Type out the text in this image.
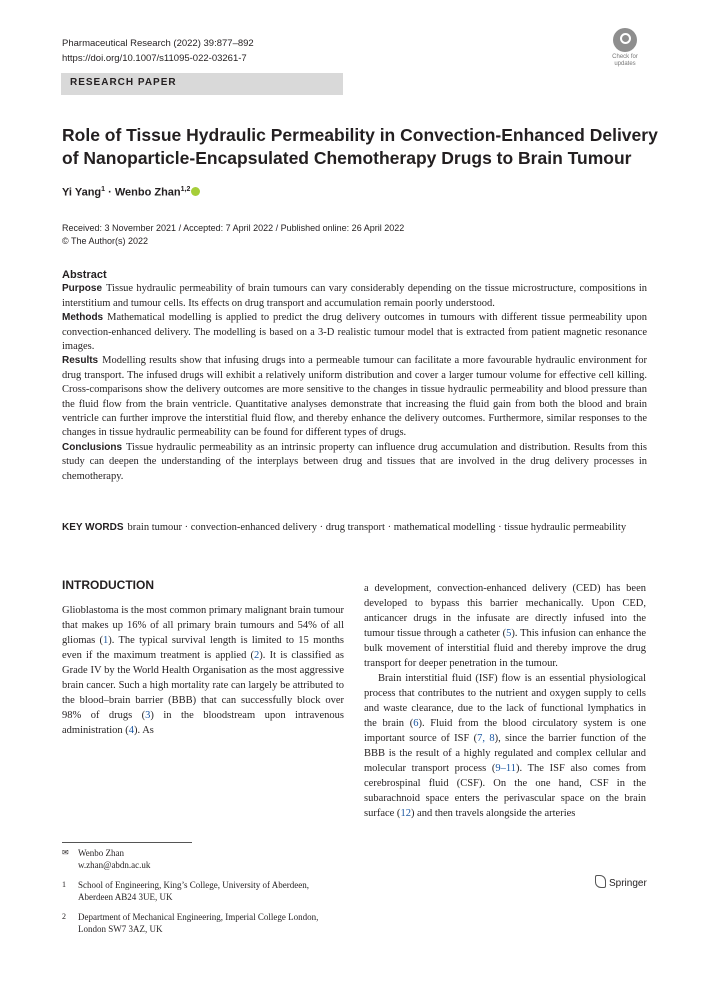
Pharmaceutical Research (2022) 39:877–892
https://doi.org/10.1007/s11095-022-03261-7	Check for updates
RESEARCH PAPER
Role of Tissue Hydraulic Permeability in Convection-Enhanced Delivery of Nanoparticle-Encapsulated Chemotherapy Drugs to Brain Tumour
Yi Yang$^1$ · Wenbo Zhan$^{1,2}$
Received: 3 November 2021 / Accepted: 7 April 2022 / Published online: 26 April 2022
© The Author(s) 2022
Abstract

Purpose Tissue hydraulic permeability of brain tumours can vary considerably depending on the tissue microstructure, compositions in interstitium and tumour cells. Its effects on drug transport and accumulation remain poorly understood.

Methods Mathematical modelling is applied to predict the drug delivery outcomes in tumours with different tissue permeability upon convection-enhanced delivery. The modelling is based on a 3-D realistic tumour model that is extracted from patient magnetic resonance images.

Results Modelling results show that infusing drugs into a permeable tumour can facilitate a more favourable hydraulic environment for drug transport. The infused drugs will exhibit a relatively uniform distribution and cover a larger tumour volume for effective cell killing. Cross-comparisons show the delivery outcomes are more sensitive to the changes in tissue hydraulic permeability and blood pressure than the fluid flow from the brain ventricle. Quantitative analyses demonstrate that increasing the fluid gain from both the blood and brain ventricle can further improve the interstitial fluid flow, and thereby enhance the delivery outcomes. Furthermore, similar responses to the changes in tissue hydraulic permeability can be found for different types of drugs.

Conclusions Tissue hydraulic permeability as an intrinsic property can influence drug accumulation and distribution. Results from this study can deepen the understanding of the interplays between drug and tissues that are involved in the drug delivery processes in chemotherapy.

KEY WORDS brain tumour · convection-enhanced delivery · drug transport · mathematical modelling · tissue hydraulic permeability
INTRODUCTION

Glioblastoma is the most common primary malignant brain tumour that makes up 16% of all primary brain tumours and 54% of all gliomas (1). The typical survival length is limited to 15 months even if the maximum treatment is applied (2). It is classified as Grade IV by the World Health Organisation as the most aggressive brain cancer. Such a high mortality rate can largely be attributed to the blood–brain barrier (BBB) that can successfully block over 98% of drugs (3) in the bloodstream upon intravenous administration (4). As

a development, convection-enhanced delivery (CED) has been developed to bypass this barrier mechanically. Upon CED, anticancer drugs in the infusate are directly infused into the tumour tissue through a catheter (5). This infusion can enhance the bulk movement of interstitial fluid and thereby improve the drug transport for deeper penetration in the tumour.

Brain interstitial fluid (ISF) flow is an essential physiological process that contributes to the nutrient and oxygen supply to cells and waste clearance, due to the lack of functional lymphatics in the brain (6). Fluid from the blood circulatory system is one important source of ISF (7, 8), since the barrier function of the BBB is the result of a highly regulated and complex cellular and molecular transport process (9–11). The ISF also comes from cerebrospinal fluid (CSF). On the one hand, CSF in the subarachnoid space enters the perivascular space on the brain surface (12) and then travels alongside the arteries

✉ Wenbo Zhan
w.zhan@abdn.ac.uk
1 School of Engineering, King’s College, University of Aberdeen, Aberdeen AB24 3UE, UK
2 Department of Mechanical Engineering, Imperial College London, London SW7 3AZ, UK
Springer
